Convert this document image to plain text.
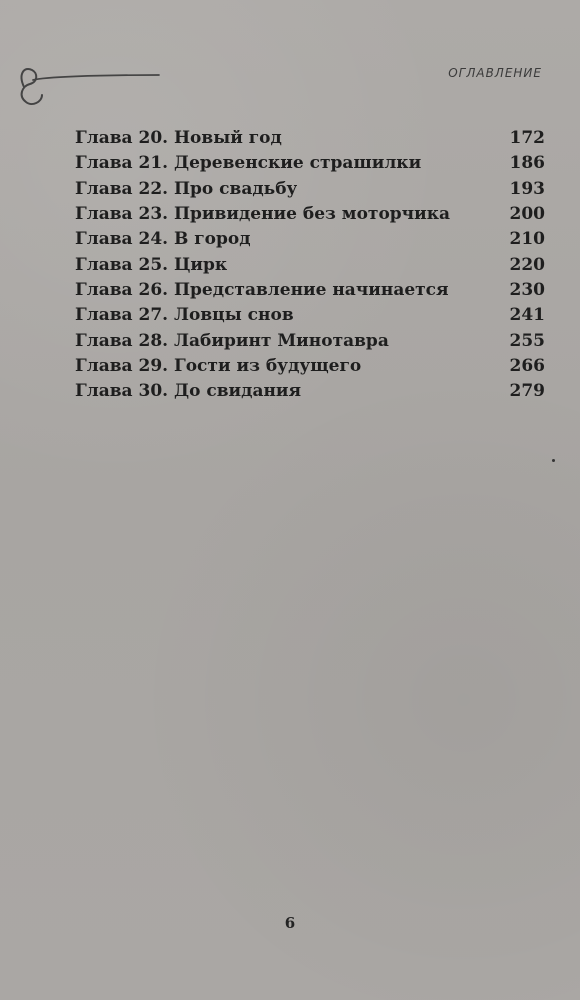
ОГЛАВЛЕНИЕ
Глава 20. Новый год	172
Глава 21. Деревенские страшилки	186
Глава 22. Про свадьбу	193
Глава 23. Привидение без моторчика	200
Глава 24. В город	210
Глава 25. Цирк	220
Глава 26. Представление начинается	230
Глава 27. Ловцы снов	241
Глава 28. Лабиринт Минотавра	255
Глава 29. Гости из будущего	266
Глава 30. До свидания	279
6
